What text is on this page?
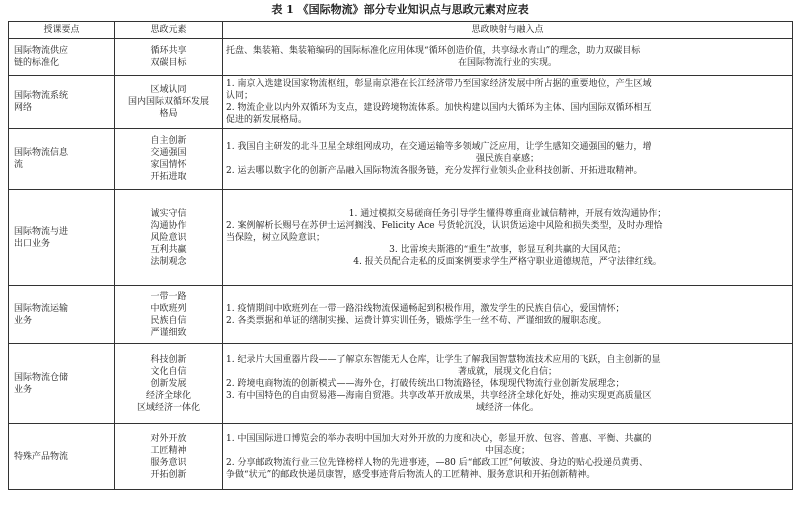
表 1 《国际物流》部分专业知识点与思政元素对应表
授课要点	思政元素	思政映射与融入点

国际物流供应
链的标准化	循环共享
双碳目标	托盘、集装箱、集装箱编码的国际标准化应用体现“循环创造价值，共享绿水青山”的理念，助力双碳目标
在国际物流行业的实现。

国际物流系统
网络	区域认同
国内国际双循环发展
格局	1. 南京入选建设国家物流枢纽，彰显南京港在长江经济带乃至国家经济发展中所占据的重要地位，产生区域
认同；
2. 物流企业以内外双循环为支点，建设跨境物流体系。加快构建以国内大循环为主体、国内国际双循环相互
促进的新发展格局。

国际物流信息
流	自主创新
交通强国
家国情怀
开拓进取	1. 我国自主研发的北斗卫星全球组网成功，在交通运输等多领域广泛应用，让学生感知交通强国的魅力，增
强民族自豪感；
2. 运去哪以数字化的创新产品融入国际物流各服务链，充分发挥行业领头企业科技创新、开拓进取精神。

国际物流与进
出口业务	诚实守信
沟通协作
风险意识
互利共赢
法制观念	1. 通过模拟交易磋商任务引导学生懂得尊重商业诚信精神，开展有效沟通协作；
2. 案例解析长赐号在苏伊士运河搁浅、Felicity Ace 号货轮沉没，认识货运途中风险和损失类型，及时办理恰
当保险，树立风险意识；
3. 比雷埃夫斯港的“重生”故事，彰显互利共赢的大国风范；
4. 报关员配合走私的反面案例要求学生严格守职业道德规范，严守法律红线。

国际物流运输
业务	一带一路
中欧班列
民族自信
严谨细致	1. 疫情期间中欧班列在一带一路沿线物流保通畅起到积极作用，激发学生的民族自信心，爱国情怀；
2. 各类票据和单证的缮制实操、运费计算实训任务，锻炼学生一丝不苟、严谨细致的履职态度。

国际物流仓储
业务	科技创新
文化自信
创新发展
经济全球化
区域经济一体化	1. 纪录片大国重器片段——了解京东智能无人仓库，让学生了解我国智慧物流技术应用的飞跃，自主创新的显
著成就，展现文化自信；
2. 跨境电商物流的创新模式——海外仓，打破传统出口物流路径，体现现代物流行业创新发展理念；
3. 有中国特色的自由贸易港—海南自贸港。共享改革开放成果，共享经济全球化好处，推动实现更高质量区
域经济一体化。

特殊产品物流	对外开放
工匠精神
服务意识
开拓创新	1. 中国国际进口博览会的举办表明中国加大对外开放的力度和决心，彰显开放、包容、普惠、平衡、共赢的
中国态度；
2. 分享邮政物流行业三位先锋榜样人物的先进事迹，—80 后“邮政工匠”何敏波、身边的贴心投递员黄勇、
争做“状元”的邮政快递员康智，感受事迹背后物流人的工匠精神、服务意识和开拓创新精神。
